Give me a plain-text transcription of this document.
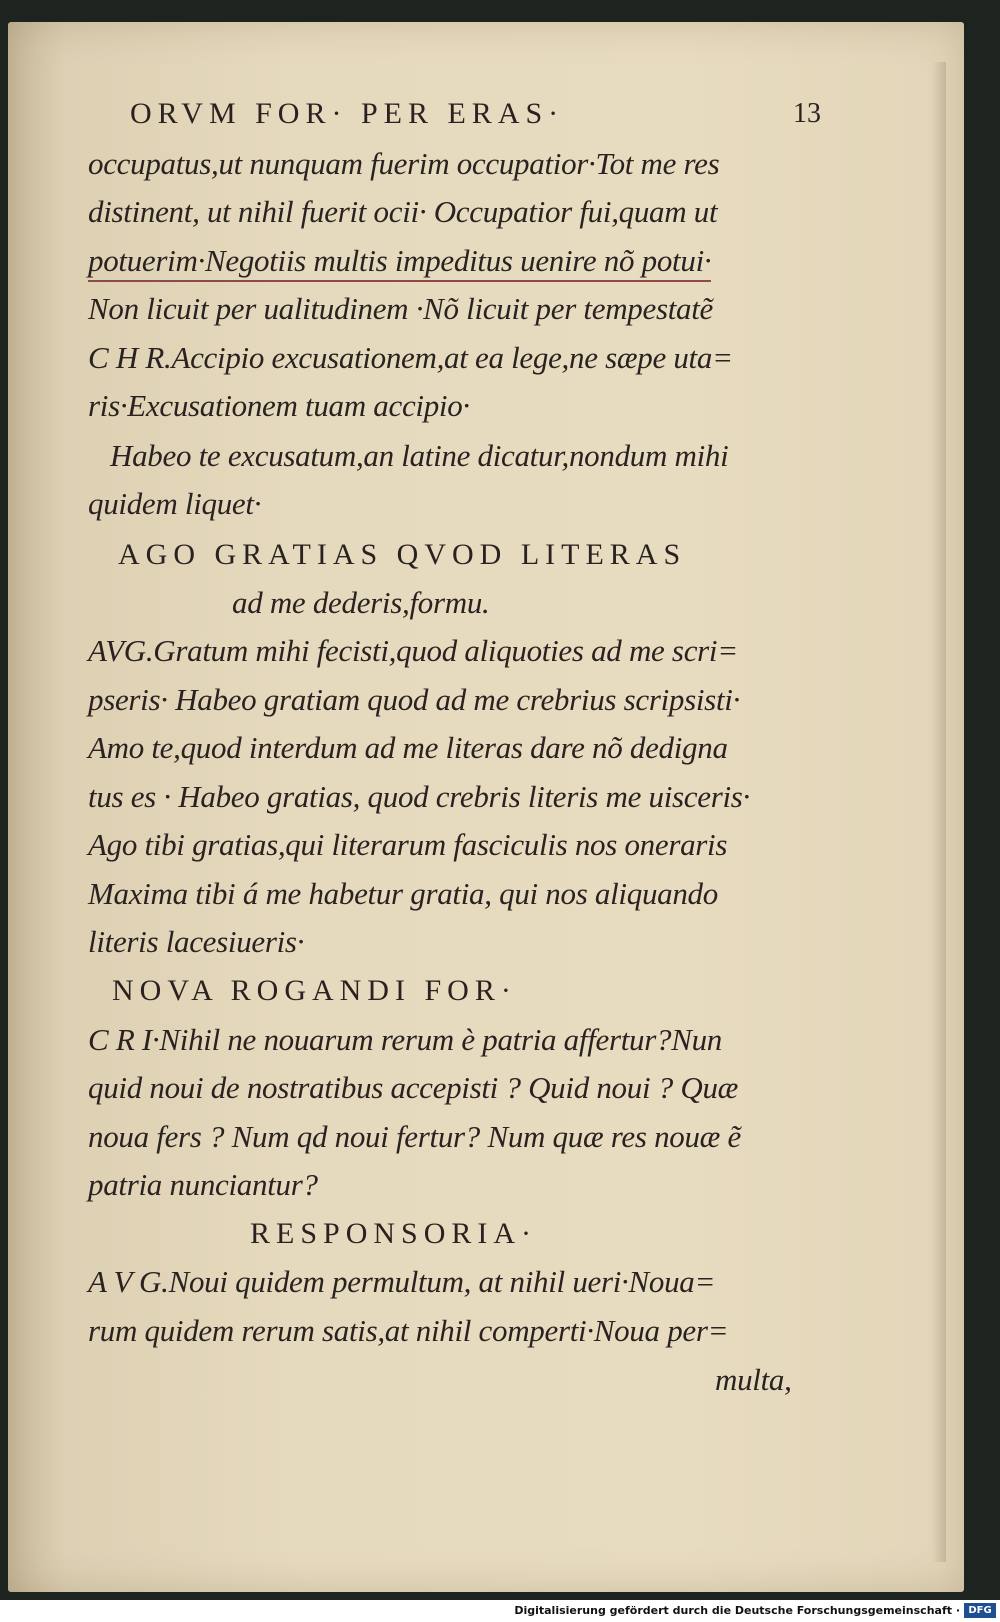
ORVM FOR· PER ERAS·	13

occupatus,ut nunquam fuerim occupatior·Tot me res

distinent, ut nihil fuerit ocii· Occupatior fui,quam ut

potuerim·Negotiis multis impeditus uenire nõ potui·

Non licuit per ualitudinem ·Nõ licuit per tempestatẽ

C H R.Accipio excusationem,at ea lege,ne sæpe uta=

ris·Excusationem tuam accipio·

Habeo te excusatum,an latine dicatur,nondum mihi

quidem liquet·

AGO GRATIAS QVOD LITERAS

ad me dederis,formu.

AVG.Gratum mihi fecisti,quod aliquoties ad me scri=

pseris· Habeo gratiam quod ad me crebrius scripsisti·

Amo te,quod interdum ad me literas dare nõ dedigna

tus es · Habeo gratias, quod crebris literis me uisceris·

Ago tibi gratias,qui literarum fasciculis nos oneraris

Maxima tibi á me habetur gratia, qui nos aliquando

literis lacesiueris·

NOVA ROGANDI FOR·

C R I·Nihil ne nouarum rerum è patria affertur?Nun

quid noui de nostratibus accepisti ? Quid noui ? Quæ

noua fers ? Num qd noui fertur? Num quæ res nouæ ẽ

patria nunciantur?

RESPONSORIA·

A V G.Noui quidem permultum, at nihil ueri·Noua=

rum quidem rerum satis,at nihil comperti·Noua per=

multa,

Digitalisierung gefördert durch die Deutsche Forschungsgemeinschaft · DFG
